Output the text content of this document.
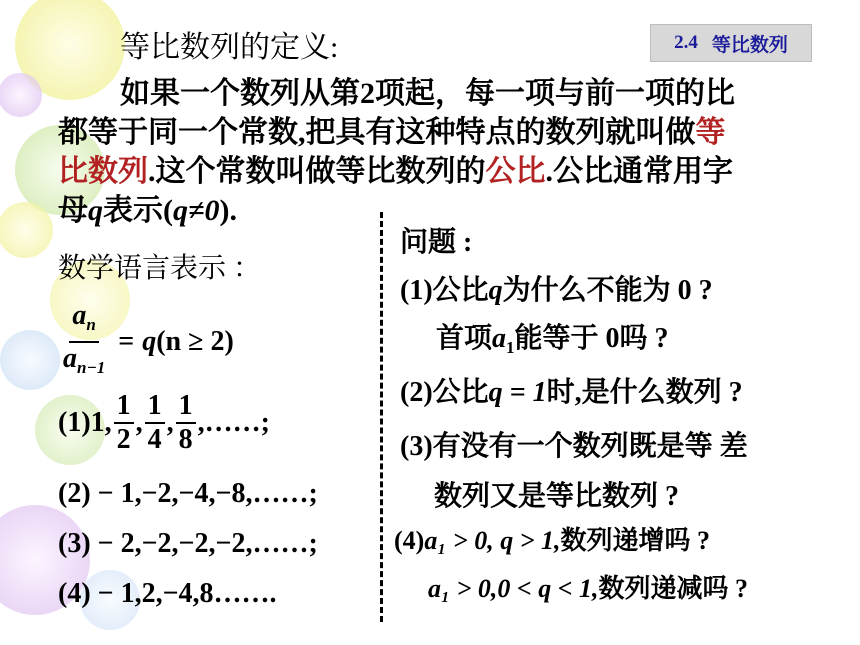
等比数列的定义:	2.4 等比数列

如果一个数列从第2项起，每一项与前一项的比

都等于同一个常数,把具有这种特点的数列就叫做等

比数列.这个常数叫做等比数列的公比.公比通常用字

母q表示(q≠0).

数学语言表示 ：
$\frac{a_n}{a_{n-1}} = q$ (n ≥ 2)
(1)1, $\frac{1}{2}$ , $\frac{1}{4}$ , $\frac{1}{8}$ ,……;
(2) − 1,−2,−4,−8,……;
(3) − 2,−2,−2,−2,……;
(4) − 1,2,−4,8…….
问题 :
(1)公比q为什么不能为 0 ?
首项$a_1$能等于 0吗 ?
(2)公比q = 1时,是什么数列 ?
(3)有没有一个数列既是等 差
数列又是等比数列 ?
(4)a₁ > 0, q > 1,数列递增吗 ?
a₁ > 0,0 < q < 1,数列递减吗 ?
